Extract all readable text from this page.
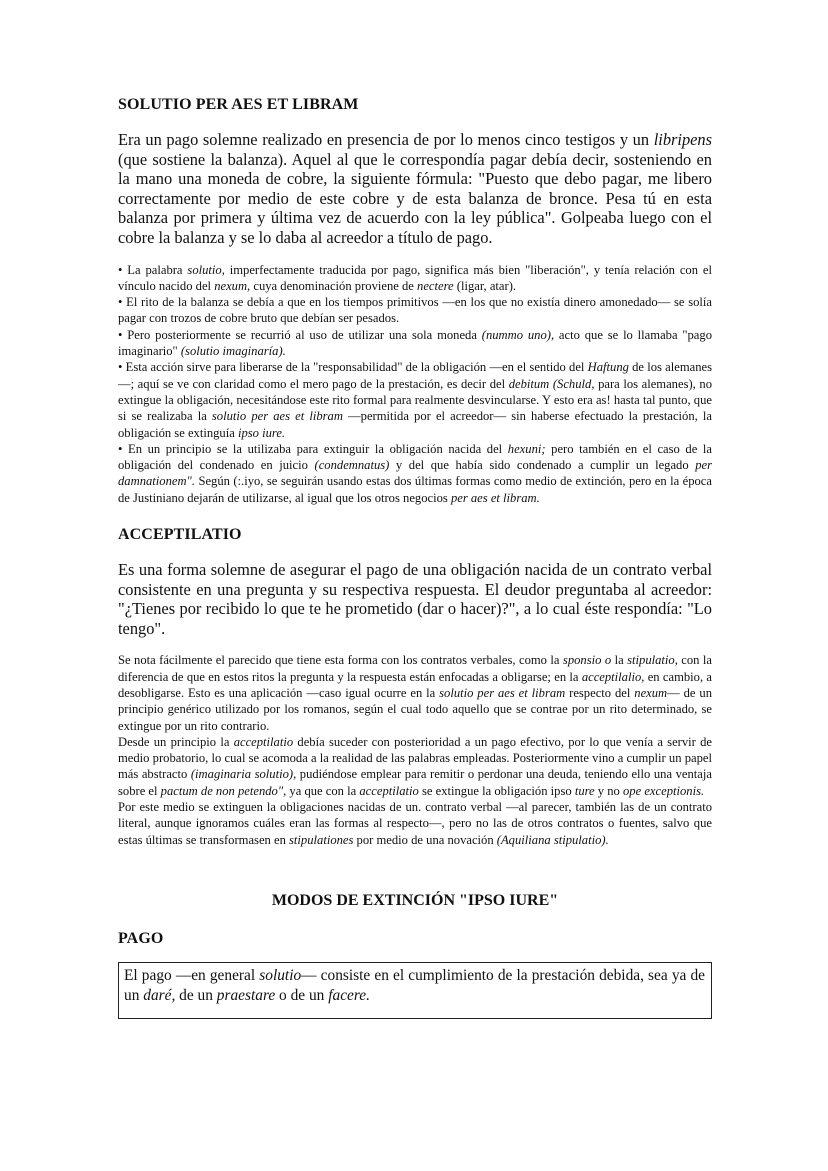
SOLUTIO PER AES ET LIBRAM

Era un pago solemne realizado en presencia de por lo menos cinco testigos y un libripens (que sostiene la balanza). Aquel al que le correspondía pagar debía decir, sosteniendo en la mano una moneda de cobre, la siguiente fórmula: "Puesto que debo pagar, me libero correctamente por medio de este cobre y de esta balanza de bronce. Pesa tú en esta balanza por primera y última vez de acuerdo con la ley pública". Golpeaba luego con el cobre la balanza y se lo daba al acreedor a título de pago.

• La palabra solutio, imperfectamente traducida por pago, significa más bien "liberación", y tenía relación con el vínculo nacido del nexum, cuya denominación proviene de nectere (ligar, atar).

• El rito de la balanza se debía a que en los tiempos primitivos —en los que no existía dinero amonedado— se solía pagar con trozos de cobre bruto que debían ser pesados.

• Pero posteriormente se recurrió al uso de utilizar una sola moneda (nummo uno), acto que se lo llamaba "pago imaginario" (solutio imaginaría).

• Esta acción sirve para liberarse de la "responsabilidad" de la obligación —en el sentido del Haftung de los alemanes—; aquí se ve con claridad como el mero pago de la prestación, es decir del debitum (Schuld, para los alemanes), no extingue la obligación, necesitándose este rito formal para realmente desvincularse. Y esto era as! hasta tal punto, que si se realizaba la solutio per aes et libram —permitida por el acreedor— sin haberse efectuado la prestación, la obligación se extinguía ipso iure.

• En un principio se la utilizaba para extinguir la obligación nacida del hexuni; pero también en el caso de la obligación del condenado en juicio (condemnatus) y del que había sido condenado a cumplir un legado per damnationem". Según (:.iyo, se seguirán usando estas dos últimas formas como medio de extinción, pero en la época de Justiniano dejarán de utilizarse, al igual que los otros negocios per aes et libram.

ACCEPTILATIO

Es una forma solemne de asegurar el pago de una obligación nacida de un contrato verbal consistente en una pregunta y su respectiva respuesta. El deudor preguntaba al acreedor: "¿Tienes por recibido lo que te he prometido (dar o hacer)?", a lo cual éste respondía: "Lo tengo".

Se nota fácilmente el parecido que tiene esta forma con los contratos verbales, como la sponsio o la stipulatio, con la diferencia de que en estos ritos la pregunta y la respuesta están enfocadas a obligarse; en la acceptilalio, en cambio, a desobligarse. Esto es una aplicación —caso igual ocurre en la solutio per aes et libram respecto del nexum— de un principio genérico utilizado por los romanos, según el cual todo aquello que se contrae por un rito determinado, se extingue por un rito contrario.

Desde un principio la acceptilatio debía suceder con posterioridad a un pago efectivo, por lo que venía a servir de medio probatorio, lo cual se acomoda a la realidad de las palabras empleadas. Posteriormente vino a cumplir un papel más abstracto (imaginaria solutio), pudiéndose emplear para remitir o perdonar una deuda, teniendo ello una ventaja sobre el pactum de non petendo", ya que con la acceptilatio se extingue la obligación ipso ture y no ope exceptionis.

Por este medio se extinguen la obligaciones nacidas de un. contrato verbal —al parecer, también las de un contrato literal, aunque ignoramos cuáles eran las formas al respecto—, pero no las de otros contratos o fuentes, salvo que estas últimas se transformasen en stipulationes por medio de una novación (Aquiliana stipulatio).

MODOS DE EXTINCIÓN "IPSO IURE"
PAGO
El pago —en general solutio— consiste en el cumplimiento de la prestación debida, sea ya de un daré, de un praestare o de un facere.
